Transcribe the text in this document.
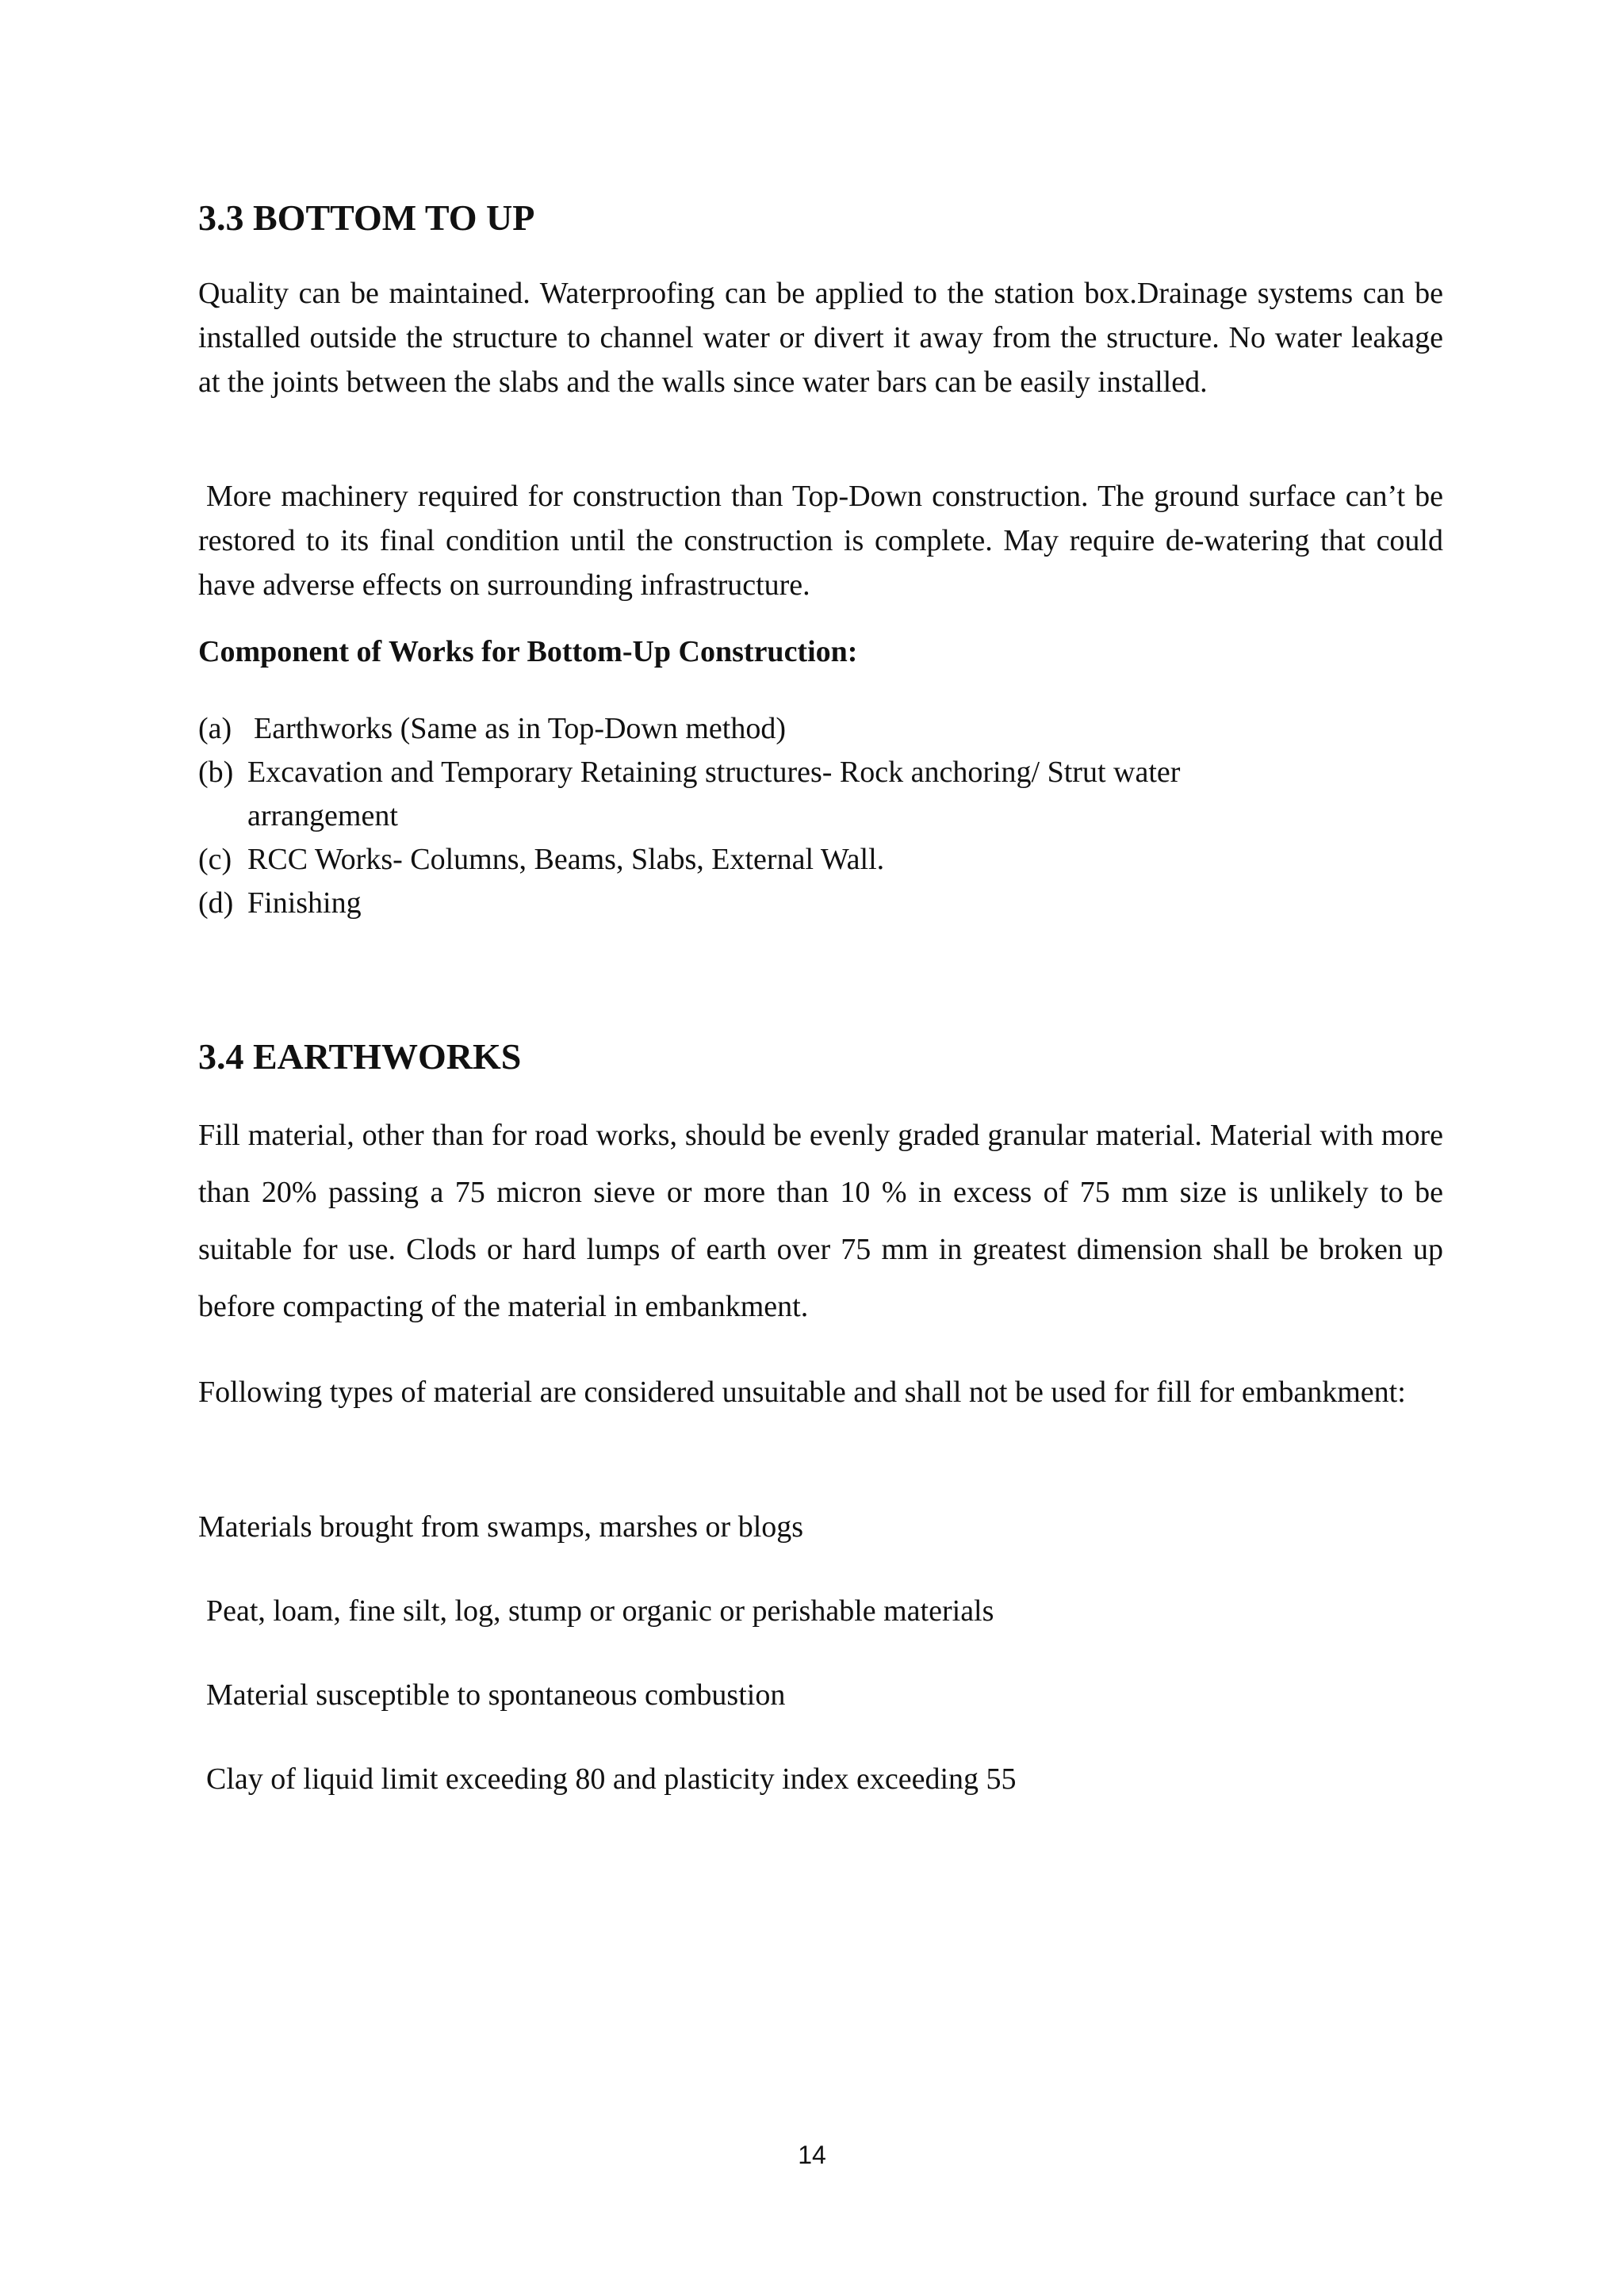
3.3 BOTTOM TO UP

Quality can be maintained. Waterproofing can be applied to the station box.Drainage systems can be installed outside the structure to channel water or divert it away from the structure. No water leakage at the joints between the slabs and the walls since water bars can be easily installed.

More machinery required for construction than Top-Down construction. The ground surface can’t be restored to its final condition until the construction is complete. May require de-watering that could have adverse effects on surrounding infrastructure.

Component of Works for Bottom-Up Construction:

(a) Earthworks (Same as in Top-Down method)
(b) Excavation and Temporary Retaining structures- Rock anchoring/ Strut water arrangement
(c) RCC Works- Columns, Beams, Slabs, External Wall.
(d) Finishing
3.4 EARTHWORKS

Fill material, other than for road works, should be evenly graded granular material. Material with more than 20% passing a 75 micron sieve or more than 10 % in excess of 75 mm size is unlikely to be suitable for use. Clods or hard lumps of earth over 75 mm in greatest dimension shall be broken up before compacting of the material in embankment.

Following types of material are considered unsuitable and shall not be used for fill for embankment:

Materials brought from swamps, marshes or blogs

Peat, loam, fine silt, log, stump or organic or perishable materials

Material susceptible to spontaneous combustion

Clay of liquid limit exceeding 80 and plasticity index exceeding 55

14
